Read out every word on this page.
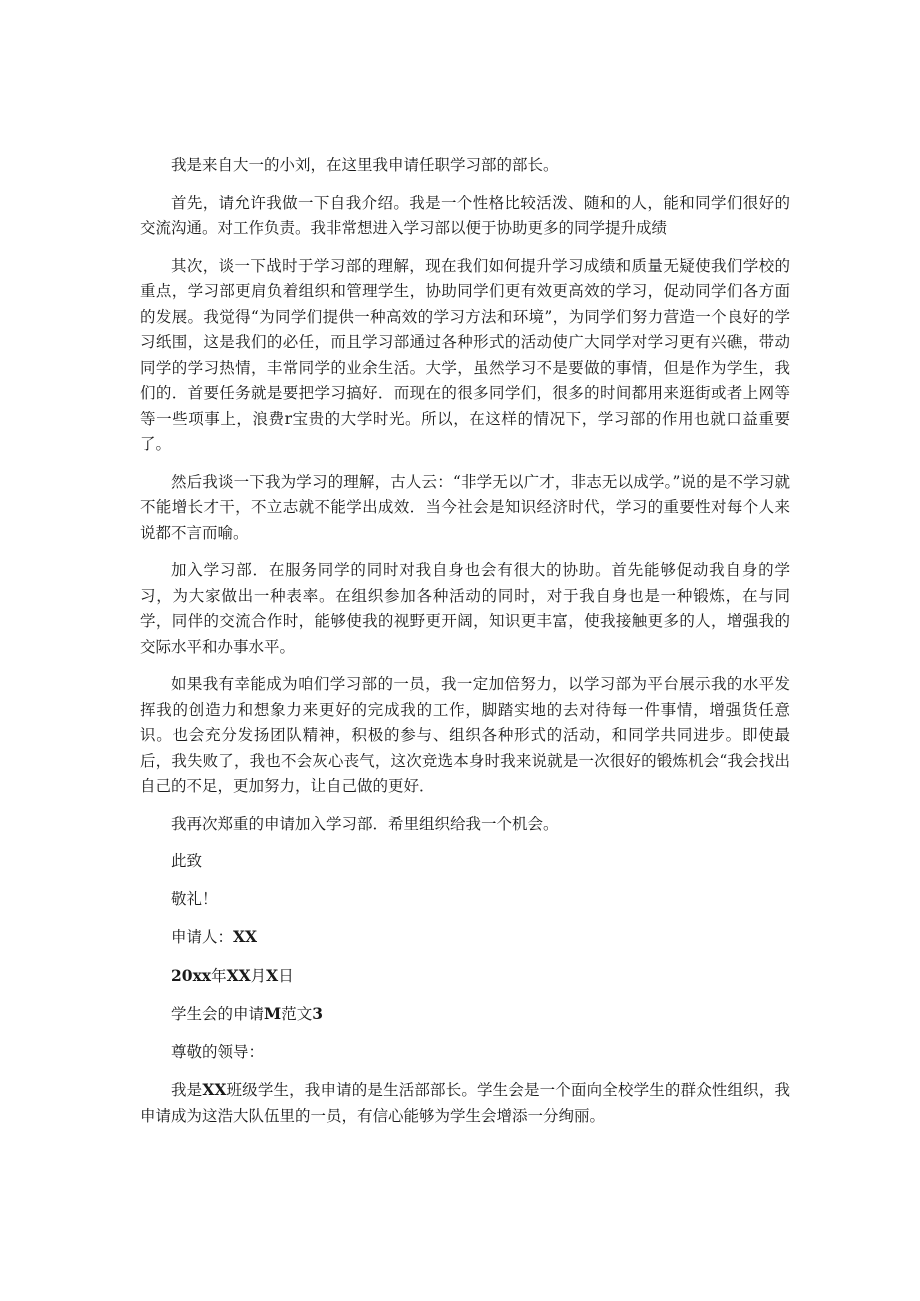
我是来自大一的小刘，在这里我申请任职学习部的部长。

首先，请允许我做一下自我介绍。我是一个性格比较活泼、随和的人，能和同学们很好的交流沟通。对工作负责。我非常想进入学习部以便于协助更多的同学提升成绩

其次，谈一下战时于学习部的理解，现在我们如何提升学习成绩和质量无疑使我们学校的重点，学习部更肩负着组织和管理学生，协助同学们更有效更高效的学习，促动同学们各方面的发展。我觉得“为同学们提供一种高效的学习方法和环境”，为同学们努力营造一个良好的学习纸围，这是我们的必任，而且学习部通过各种形式的活动使广大同学对学习更有兴礁，带动同学的学习热情，丰常同学的业余生活。大学，虽然学习不是要做的事情，但是作为学生，我们的．首要任务就是要把学习搞好．而现在的很多同学们，很多的时间都用来逛街或者上网等等一些项事上，浪费r宝贵的大学时光。所以，在这样的情况下，学习部的作用也就口益重要了。

然后我谈一下我为学习的理解，古人云：“非学无以广才，非志无以成学。”说的是不学习就不能增长才干，不立志就不能学出成效．当今社会是知识经济时代，学习的重要性对每个人来说都不言而喻。

加入学习部．在服务同学的同时对我自身也会有很大的协助。首先能够促动我自身的学习，为大家做出一种表率。在组织参加各种活动的同时，对于我自身也是一种锻炼，在与同学，同伴的交流合作时，能够使我的视野更开阔，知识更丰富，使我接触更多的人，增强我的交际水平和办事水平。

如果我有幸能成为咱们学习部的一员，我一定加倍努力，以学习部为平台展示我的水平发挥我的创造力和想象力来更好的完成我的工作，脚踏实地的去对待每一件事情，增强货任意识。也会充分发扬团队精神，积极的参与、组织各种形式的活动，和同学共同进步。即使最后，我失败了，我也不会灰心丧气，这次竞选本身时我来说就是一次很好的锻炼机会“我会找出自己的不足，更加努力，让自己做的更好．

我再次郑重的申请加入学习部．希里组织给我一个机会。

此致

敬礼！

申请人：XX

20xx年XX月X日

学生会的申请M范文3

尊敬的领导：

我是XX班级学生，我申请的是生活部部长。学生会是一个面向全校学生的群众性组织，我申请成为这浩大队伍里的一员，有信心能够为学生会增添一分绚丽。
